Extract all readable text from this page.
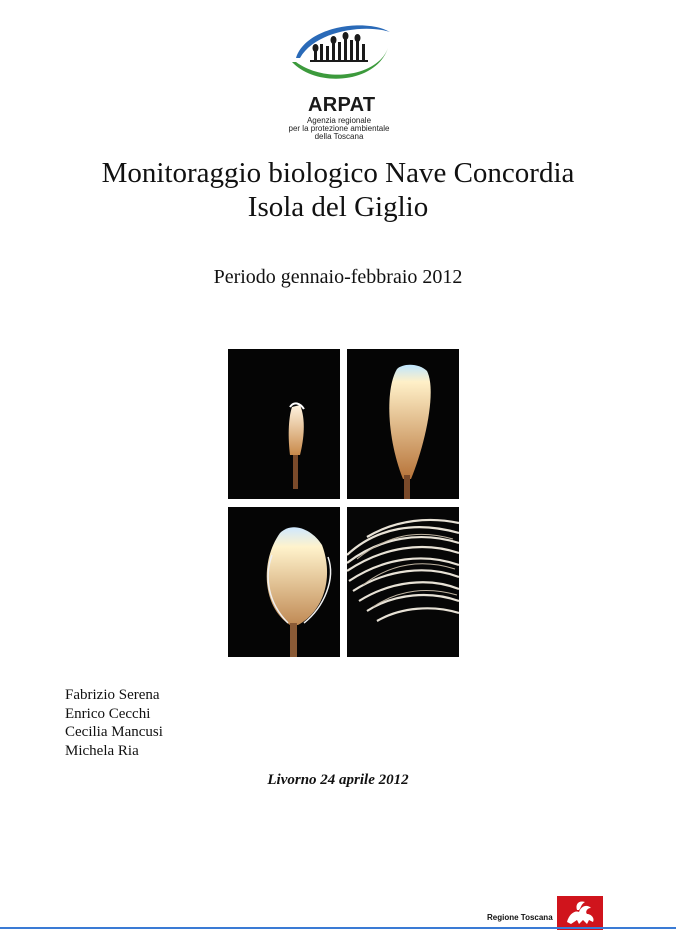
ARPAT
Agenzia regionale
per la protezione ambientale
della Toscana
Monitoraggio biologico Nave Concordia
Isola del Giglio
Periodo gennaio-febbraio 2012
Fabrizio Serena
Enrico Cecchi
Cecilia Mancusi
Michela Ria
Livorno 24 aprile 2012
Regione Toscana
